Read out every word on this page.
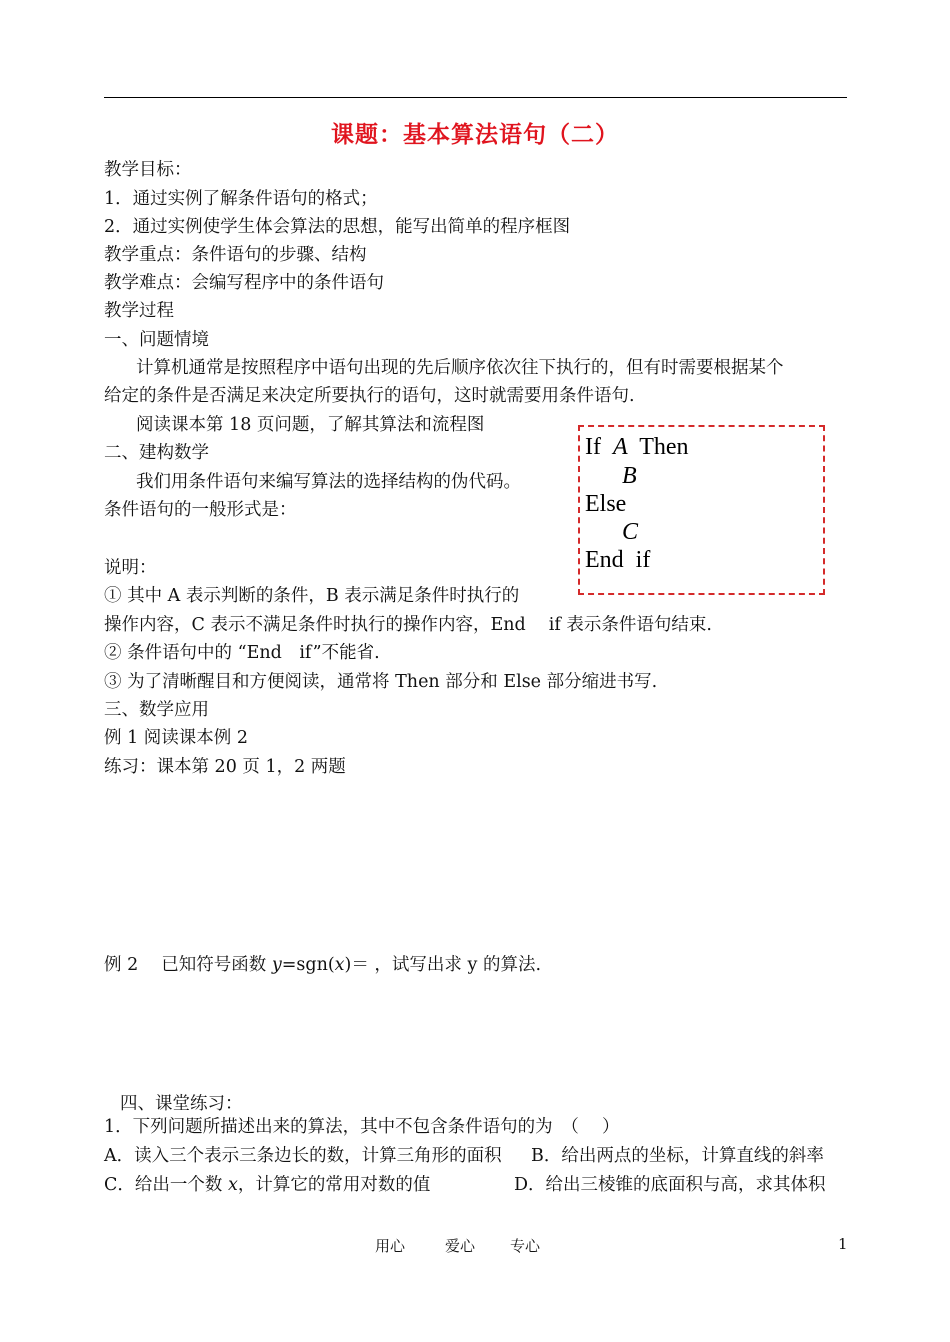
课题：基本算法语句（二）
教学目标：
1．通过实例了解条件语句的格式；
2．通过实例使学生体会算法的思想，能写出简单的程序框图
教学重点：条件语句的步骤、结构
教学难点：会编写程序中的条件语句
教学过程
一、问题情境
计算机通常是按照程序中语句出现的先后顺序依次往下执行的，但有时需要根据某个
给定的条件是否满足来决定所要执行的语句，这时就需要用条件语句.
阅读课本第 18 页问题，了解其算法和流程图
二、建构数学
我们用条件语句来编写算法的选择结构的伪代码。
条件语句的一般形式是：
说明：
① 其中 A 表示判断的条件，B 表示满足条件时执行的
操作内容，C 表示不满足条件时执行的操作内容，End　 if 表示条件语句结束.
② 条件语句中的 “End　if”不能省.
③ 为了清晰醒目和方便阅读，通常将 Then 部分和 Else 部分缩进书写.
三、数学应用
例 1 阅读课本例 2
练习：课本第 20 页 1，2 两题
例 2　 已知符号函数 y=sgn(x)＝ ，试写出求 y 的算法.
四、课堂练习：
1．下列问题所描述出来的算法，其中不包含条件语句的为　（　 ）
A．读入三个表示三条边长的数，计算三角形的面积 B．给出两点的坐标，计算直线的斜率
C．给出一个数 x，计算它的常用对数的值	D．给出三棱锥的底面积与高，求其体积
If A Then
B
Else
C
End  if
用心	爱心 专心	1
